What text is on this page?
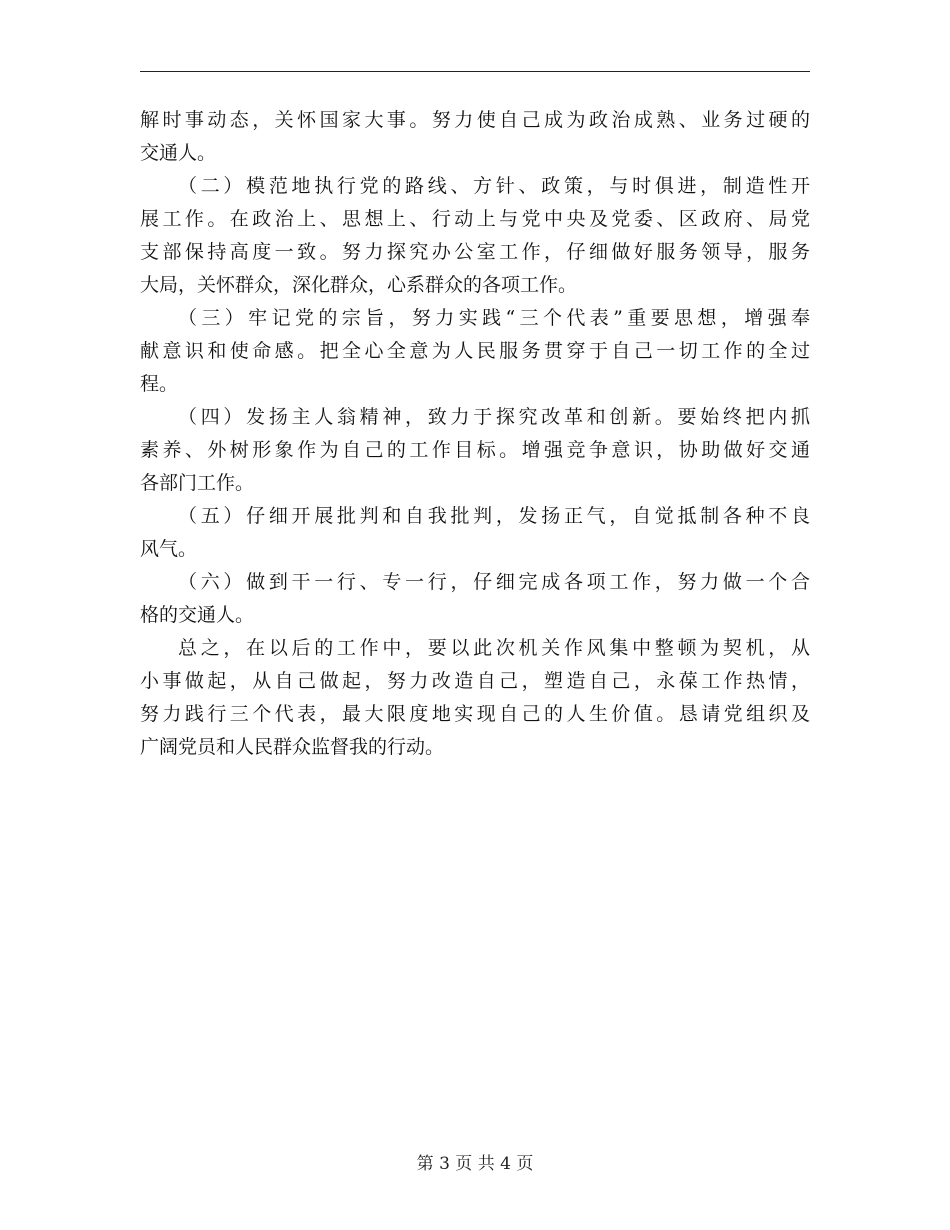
解时事动态，关怀国家大事。努力使自己成为政治成熟、业务过硬的
交通人。
（二）模范地执行党的路线、方针、政策，与时俱进，制造性开
展工作。在政治上、思想上、行动上与党中央及党委、区政府、局党
支部保持高度一致。努力探究办公室工作，仔细做好服务领导，服务
大局，关怀群众，深化群众，心系群众的各项工作。
（三）牢记党的宗旨，努力实践“三个代表”重要思想，增强奉
献意识和使命感。把全心全意为人民服务贯穿于自己一切工作的全过
程。
（四）发扬主人翁精神，致力于探究改革和创新。要始终把内抓
素养、外树形象作为自己的工作目标。增强竞争意识，协助做好交通
各部门工作。
（五）仔细开展批判和自我批判，发扬正气，自觉抵制各种不良
风气。
（六）做到干一行、专一行，仔细完成各项工作，努力做一个合
格的交通人。
总之，在以后的工作中，要以此次机关作风集中整顿为契机，从
小事做起，从自己做起，努力改造自己，塑造自己，永葆工作热情，
努力践行三个代表，最大限度地实现自己的人生价值。恳请党组织及
广阔党员和人民群众监督我的行动。
第 3 页 共 4 页
